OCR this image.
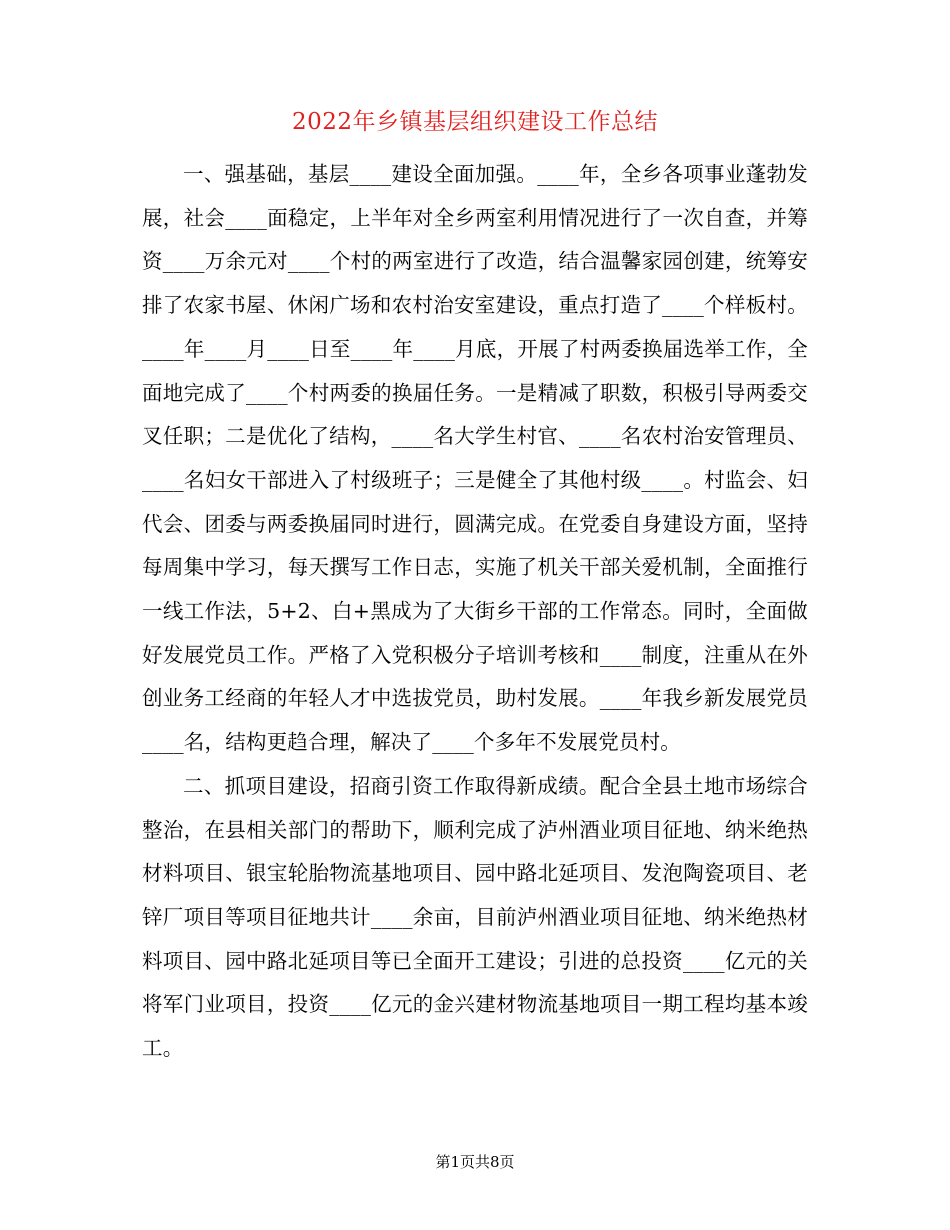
2022年乡镇基层组织建设工作总结

一、强基础，基层____建设全面加强。____年，全乡各项事业蓬勃发展，社会____面稳定，上半年对全乡两室利用情况进行了一次自查，并筹资____万余元对____个村的两室进行了改造，结合温馨家园创建，统筹安排了农家书屋、休闲广场和农村治安室建设，重点打造了____个样板村。____年____月____日至____年____月底，开展了村两委换届选举工作，全面地完成了____个村两委的换届任务。一是精减了职数，积极引导两委交叉任职；二是优化了结构，____名大学生村官、____名农村治安管理员、____名妇女干部进入了村级班子；三是健全了其他村级____。村监会、妇代会、团委与两委换届同时进行，圆满完成。在党委自身建设方面，坚持每周集中学习，每天撰写工作日志，实施了机关干部关爱机制，全面推行一线工作法，5+2、白+黑成为了大街乡干部的工作常态。同时，全面做好发展党员工作。严格了入党积极分子培训考核和____制度，注重从在外创业务工经商的年轻人才中选拔党员，助村发展。____年我乡新发展党员____名，结构更趋合理，解决了____个多年不发展党员村。

二、抓项目建设，招商引资工作取得新成绩。配合全县土地市场综合整治，在县相关部门的帮助下，顺利完成了泸州酒业项目征地、纳米绝热材料项目、银宝轮胎物流基地项目、园中路北延项目、发泡陶瓷项目、老锌厂项目等项目征地共计____余亩，目前泸州酒业项目征地、纳米绝热材料项目、园中路北延项目等已全面开工建设；引进的总投资____亿元的关将军门业项目，投资____亿元的金兴建材物流基地项目一期工程均基本竣工。

第1页共8页
